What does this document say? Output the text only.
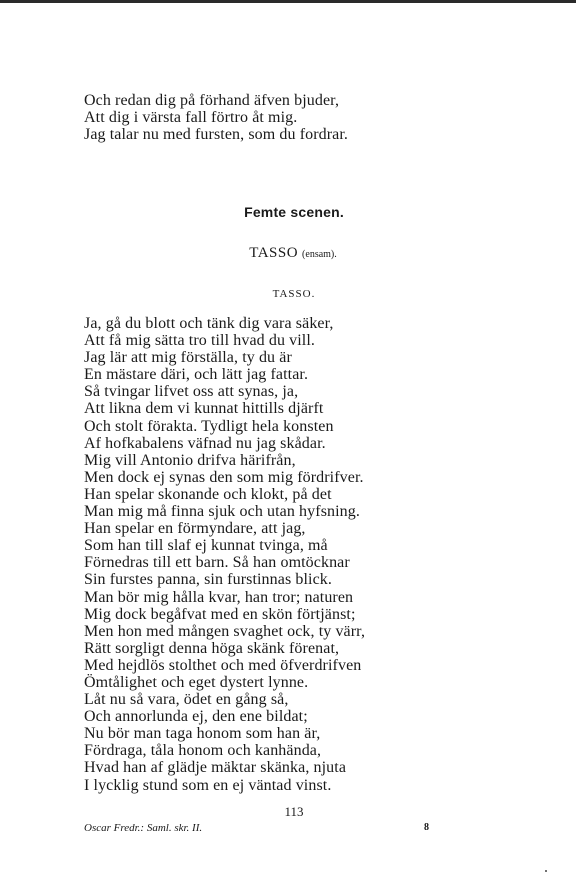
Och redan dig på förhand äfven bjuder,
Att dig i värsta fall förtro åt mig.
Jag talar nu med fursten, som du fordrar.
Femte scenen.
TASSO (ensam).
TASSO.
Ja, gå du blott och tänk dig vara säker,
Att få mig sätta tro till hvad du vill.
Jag lär att mig förställa, ty du är
En mästare däri, och lätt jag fattar.
Så tvingar lifvet oss att synas, ja,
Att likna dem vi kunnat hittills djärft
Och stolt förakta. Tydligt hela konsten
Af hofkabalens väfnad nu jag skådar.
Mig vill Antonio drifva härifrån,
Men dock ej synas den som mig fördrifver.
Han spelar skonande och klokt, på det
Man mig må finna sjuk och utan hyfsning.
Han spelar en förmyndare, att jag,
Som han till slaf ej kunnat tvinga, må
Förnedras till ett barn. Så han omtöcknar
Sin furstes panna, sin furstinnas blick.
Man bör mig hålla kvar, han tror; naturen
Mig dock begåfvat med en skön förtjänst;
Men hon med mången svaghet ock, ty värr,
Rätt sorgligt denna höga skänk förenat,
Med hejdlös stolthet och med öfverdrifven
Ömtålighet och eget dystert lynne.
Låt nu så vara, ödet en gång så,
Och annorlunda ej, den ene bildat;
Nu bör man taga honom som han är,
Fördraga, tåla honom och kanhända,
Hvad han af glädje mäktar skänka, njuta
I lycklig stund som en ej väntad vinst.
113
Oscar Fredr.: Saml. skr. II.	8
